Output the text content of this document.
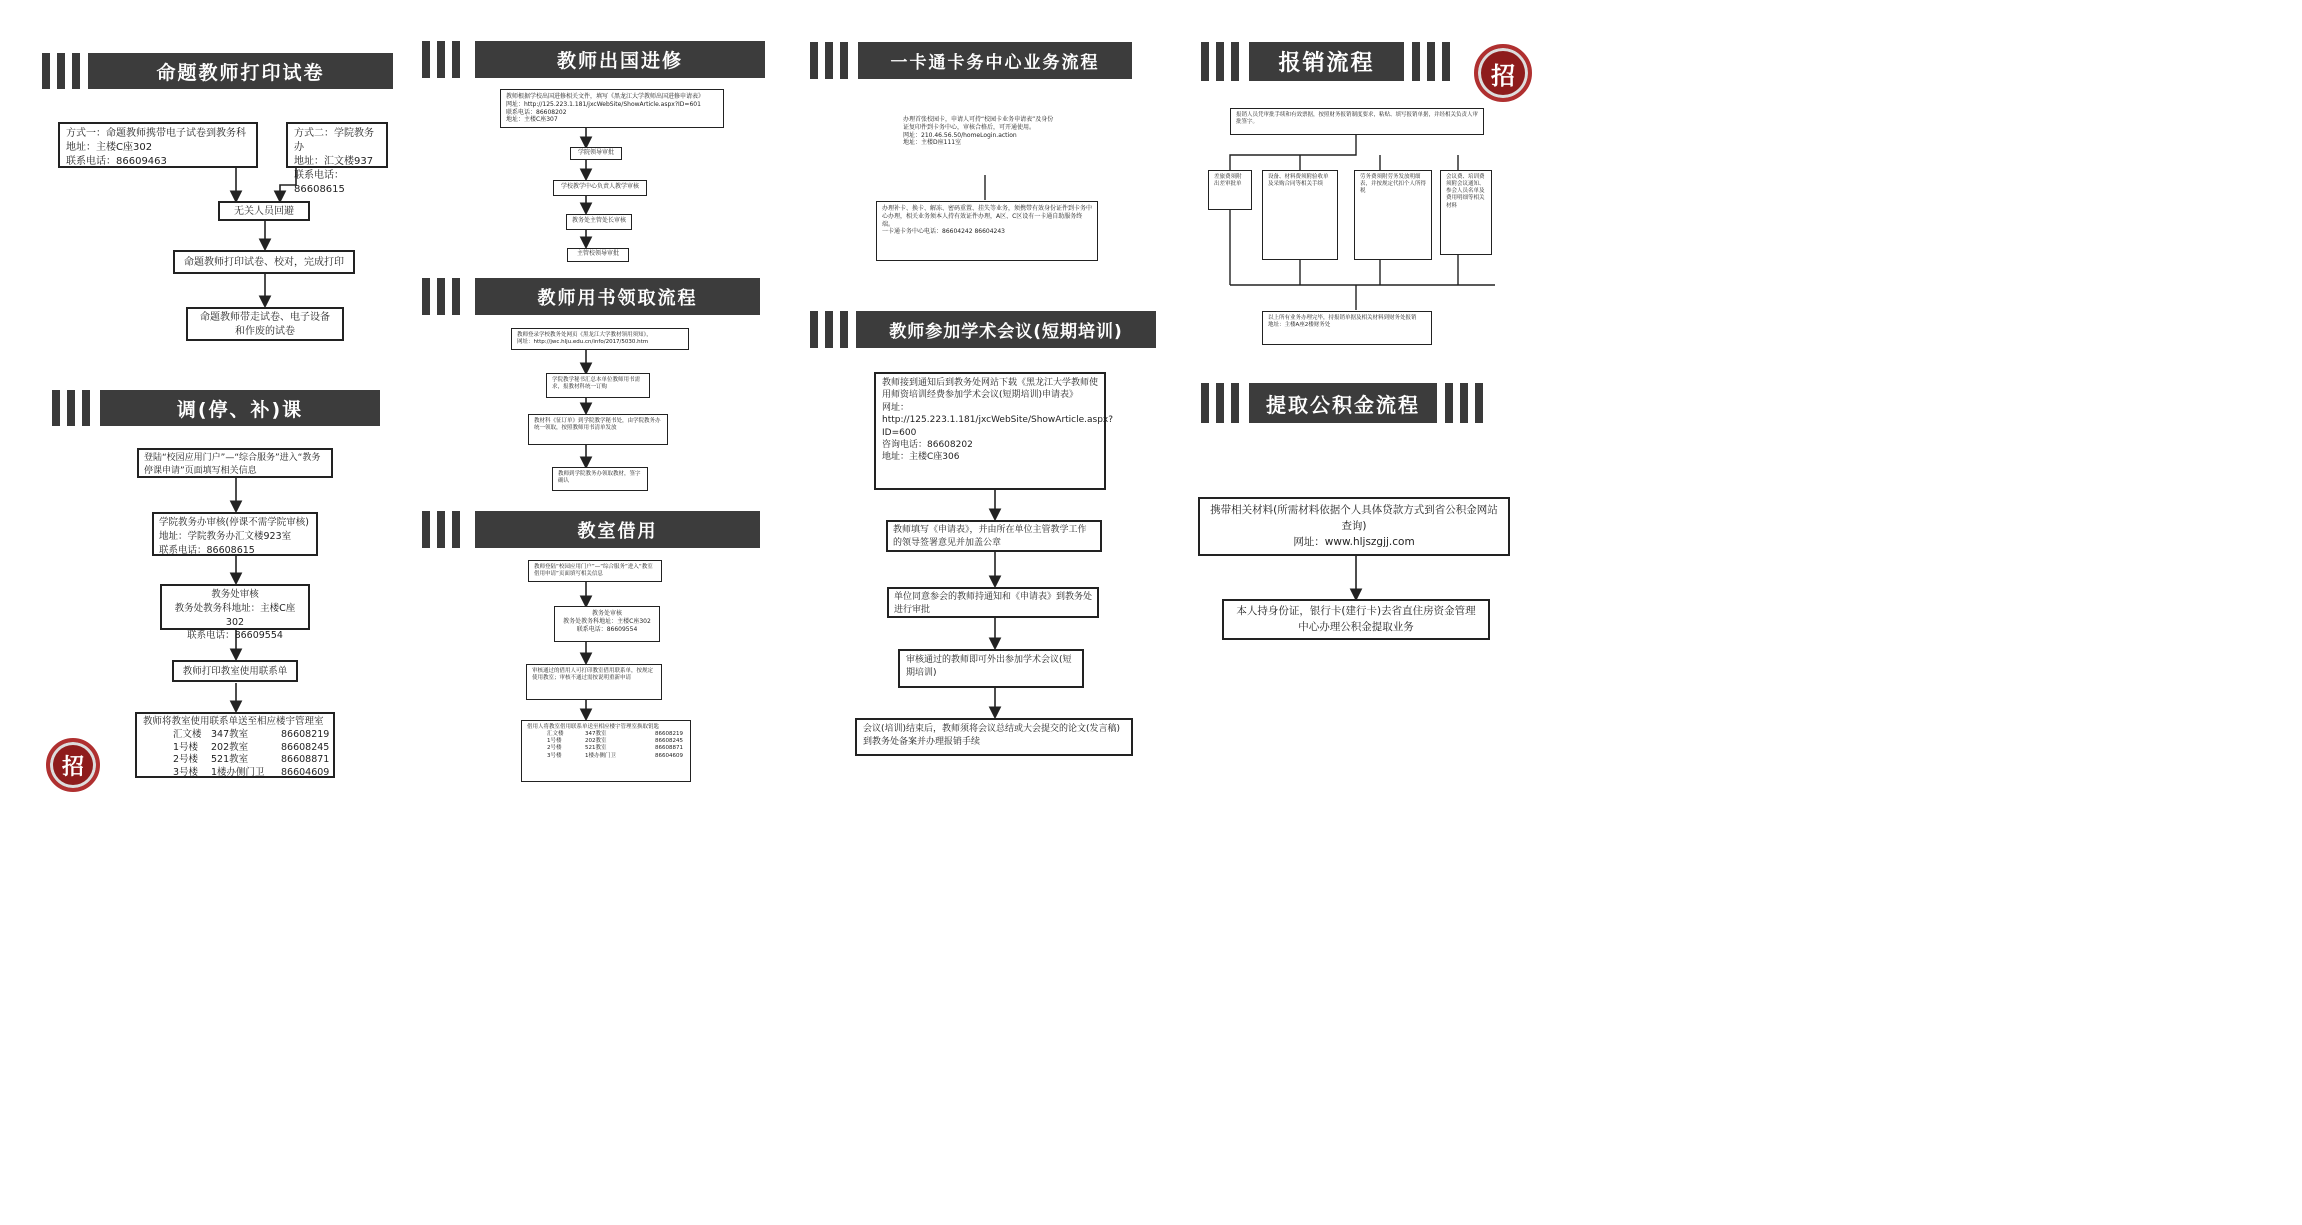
命题教师打印试卷
方式一：命题教师携带电子试卷到教务科
地址：主楼C座302
联系电话：86609463
方式二：学院教务办
地址：汇文楼937
联系电话：86608615
无关人员回避
命题教师打印试卷、校对，完成打印
命题教师带走试卷、电子设备
和作废的试卷
调(停、补)课
登陆“校园应用门户”—“综合服务”进入“教务停课申请”页面填写相关信息
学院教务办审核(停课不需学院审核)
地址：学院教务办汇文楼923室
联系电话：86608615
教务处审核
教务处教务科地址：主楼C座302
联系电话：86609554
教师打印教室使用联系单
教师将教室使用联系单送至相应楼宇管理室
汇文楼 347教室	86608219
1号楼	202教室	86608245
2号楼	521教室	86608871
3号楼	1楼办侧门卫	86604609
教师出国进修
教师根据学校出国进修相关文件，填写《黑龙江大学教师出国进修申请表》
网址：http://125.223.1.181/jxcWebSite/ShowArticle.aspx?ID=601
联系电话：86608202
地址：主楼C座307
学院领导审批
学校教学中心负责人教学审核
教务处主管处长审核
主管校领导审批
教师用书领取流程
教师登录学校教务处网页《黑龙江大学教材领用须知》，
网址：http://jwc.hlju.edu.cn/info/2017/5030.htm
学院教学秘书汇总本单位教师用书需求，报教材科统一订购
教材科《征订单》到学院教学秘书处，由学院教务办统一领取，按照教师用书清单发放
教师到学院教务办领取教材，签字确认
教室借用
教师登陆“校园应用门户”—“综合服务”进入“教室借用申请”页面填写相关信息
教务处审核
教务处教务科地址：主楼C座302
联系电话：86609554
审核通过的借用人可打印教室借用联系单，按规定使用教室；审核不通过需按说明重新申请
借用人将教室借用联系单送至相应楼宇管理室换取钥匙
汇文楼	347教室	86608219
1号楼	202教室	86608245
2号楼	521教室	86608871
3号楼	1楼办侧门卫	86604609
一卡通卡务中心业务流程
办理首张校园卡，申请人可持“校园卡业务申请表”及身份证复印件到卡务中心，审核合格后，可开通使用。
网址：210.46.56.50/homeLogin.action
地址：主楼D座111室
办理补卡、换卡、解冻、密码重置、挂失等业务，须携带有效身份证件到卡务中心办理，相关业务须本人持有效证件办理，A区、C区设有一卡通自助服务终端。
一卡通卡务中心电话：86604242 86604243
教师参加学术会议(短期培训)
教师接到通知后到教务处网站下载《黑龙江大学教师使用师资培训经费参加学术会议(短期培训)申请表》
网址：
http://125.223.1.181/jxcWebSite/ShowArticle.aspx?ID=600
咨询电话：86608202
地址：主楼C座306
教师填写《申请表》，并由所在单位主管教学工作的领导签署意见并加盖公章
单位同意参会的教师持通知和《申请表》到教务处进行审批
审核通过的教师即可外出参加学术会议(短期培训)
会议(培训)结束后，教师须将会议总结或大会提交的论文(发言稿)到教务处备案并办理报销手续
报销流程
报销人员凭审批手续和有效票据，按照财务报销制度要求，粘贴、填写报销单据，并经相关负责人审批签字。
差旅费须附出差审批单
设备、材料费须附验收单及采购合同等相关手续
劳务费须附劳务发放明细表，并按规定代扣个人所得税
会议费、培训费须附会议通知、参会人员名单及费用明细等相关材料
以上所有业务办理完毕，持报销单据及相关材料到财务处报销
地址：主楼A座2楼财务处
提取公积金流程
携带相关材料(所需材料依据个人具体贷款方式到省公积金网站查询)
网址：www.hljszgjj.com
本人持身份证，银行卡(建行卡)去省直住房资金管理中心办理公积金提取业务
招
招
